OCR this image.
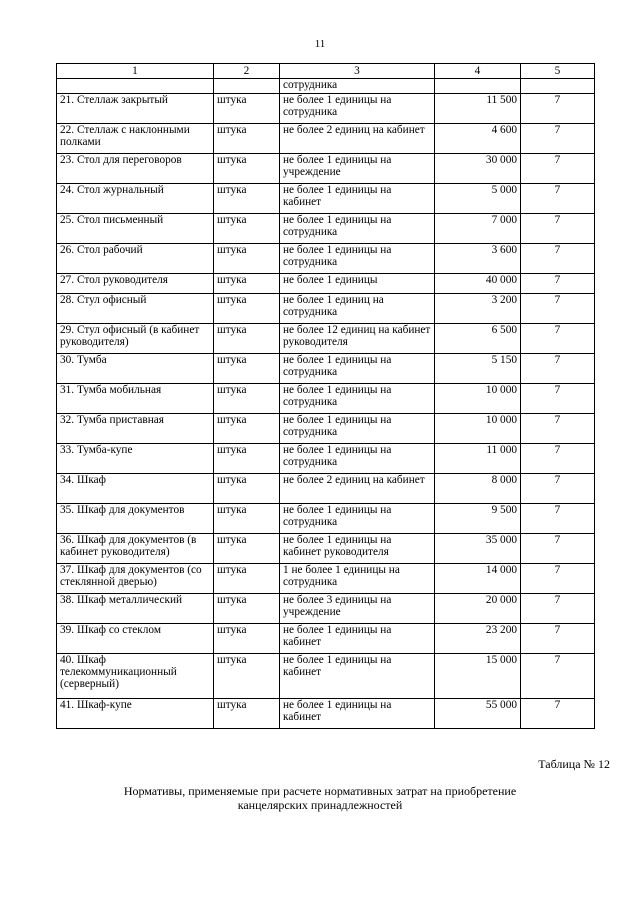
11
1	2	3	4	5
		сотрудника		
21. Стеллаж закрытый	штука	не более 1 единицы на сотрудника	11 500	7
22. Стеллаж с наклонными полками	штука	не более 2 единиц на кабинет	4 600	7
23. Стол для переговоров	штука	не более 1 единицы на учреждение	30 000	7
24. Стол журнальный	штука	не более 1 единицы на кабинет	5 000	7
25. Стол письменный	штука	не более 1 единицы на сотрудника	7 000	7
26. Стол рабочий	штука	не более 1 единицы на сотрудника	3 600	7
27. Стол руководителя	штука	не более 1 единицы	40 000	7
28. Стул офисный	штука	не более 1 единиц на сотрудника	3 200	7
29. Стул офисный (в кабинет руководителя)	штука	не более 12 единиц на кабинет руководителя	6 500	7
30. Тумба	штука	не более 1 единицы на сотрудника	5 150	7
31. Тумба мобильная	штука	не более 1 единицы на сотрудника	10 000	7
32. Тумба приставная	штука	не более 1 единицы на сотрудника	10 000	7
33. Тумба-купе	штука	не более 1 единицы на сотрудника	11 000	7
34. Шкаф	штука	не более 2 единиц на кабинет	8 000	7
35. Шкаф для документов	штука	не более 1 единицы на сотрудника	9 500	7
36. Шкаф для документов (в кабинет руководителя)	штука	не более 1 единицы на кабинет руководителя	35 000	7
37. Шкаф для документов (со стеклянной дверью)	штука	1 не более 1 единицы на сотрудника	14 000	7
38. Шкаф металлический	штука	не более 3 единицы на учреждение	20 000	7
39. Шкаф со стеклом	штука	не более 1 единицы на кабинет	23 200	7
40. Шкаф телекоммуникационный (серверный)	штука	не более 1 единицы на кабинет	15 000	7
41. Шкаф-купе	штука	не более 1 единицы на кабинет	55 000	7
Таблица № 12
Нормативы, применяемые при расчете нормативных затрат на приобретение канцелярских принадлежностей
